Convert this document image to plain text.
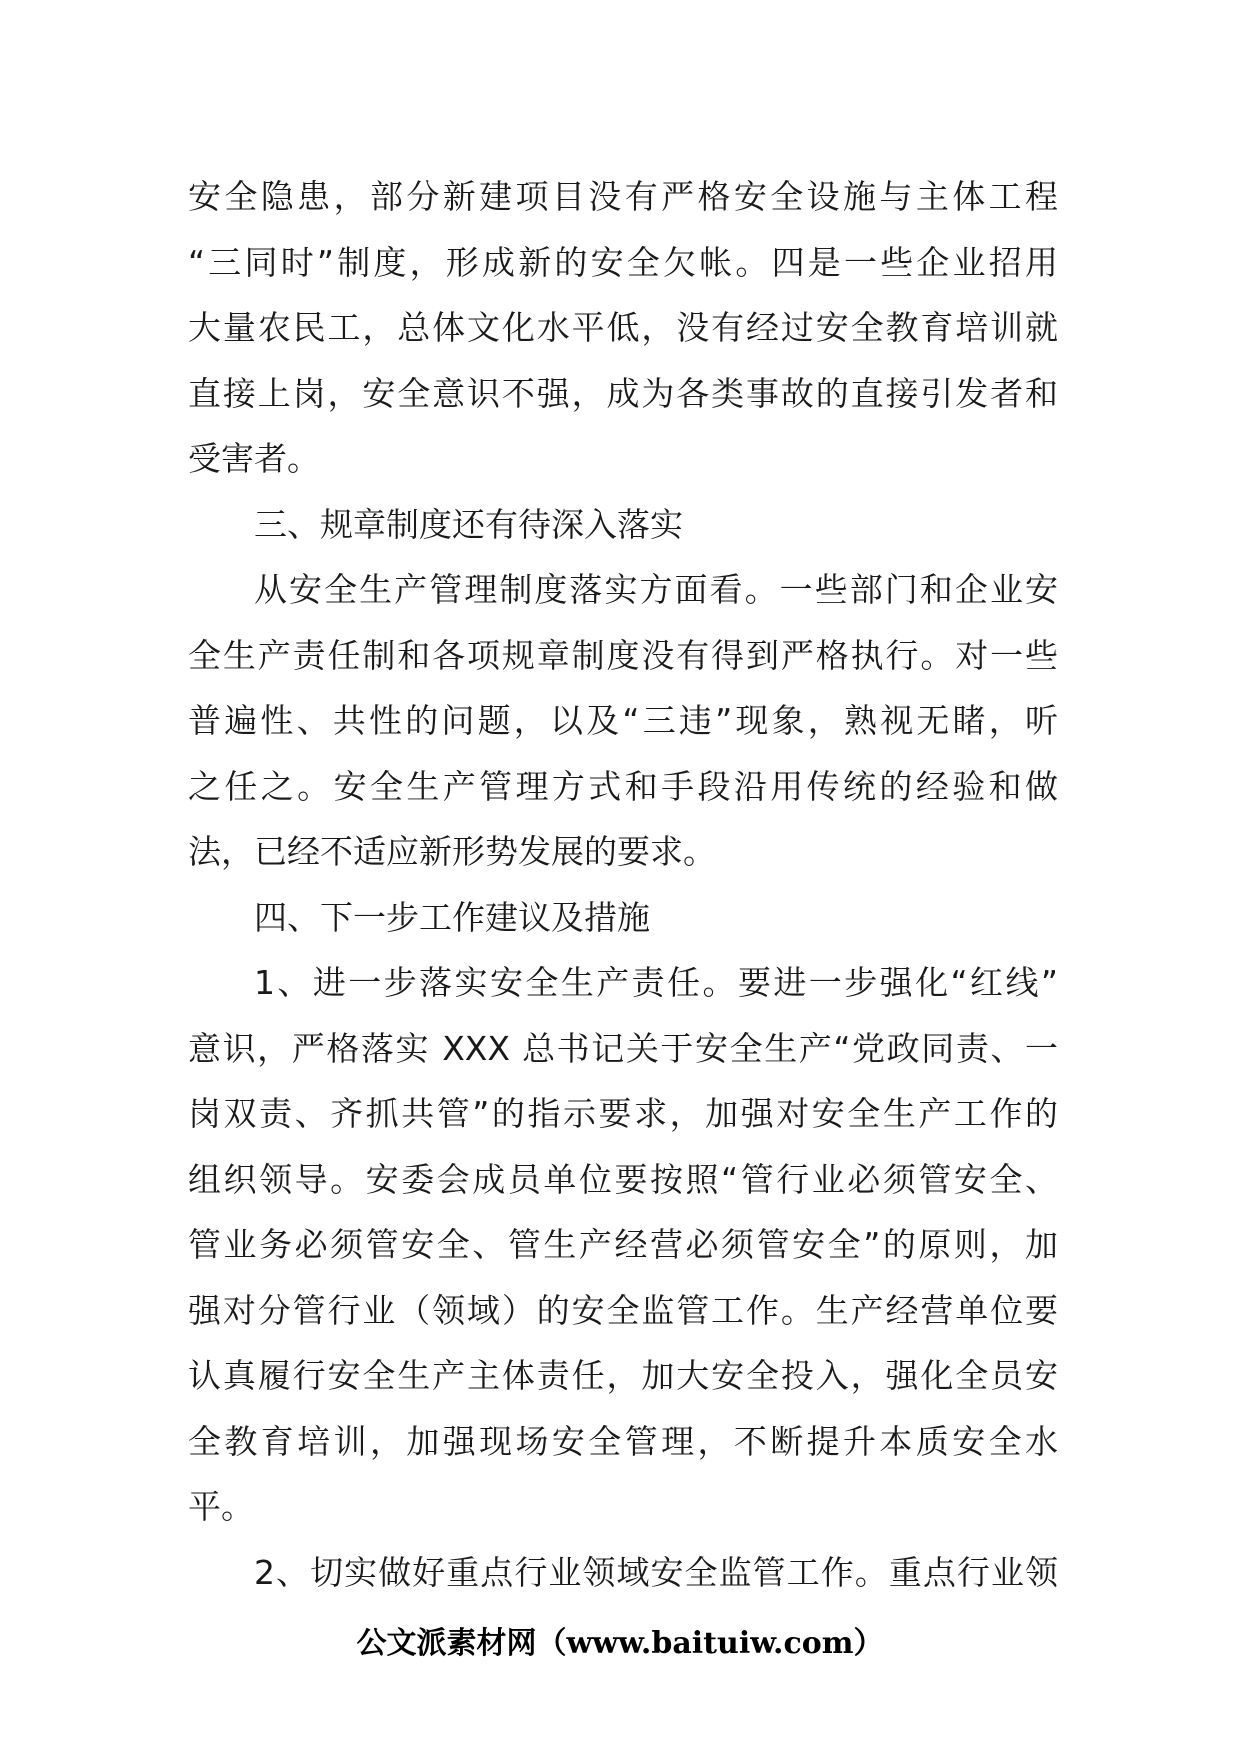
安全隐患，部分新建项目没有严格安全设施与主体工程
“三同时”制度，形成新的安全欠帐。四是一些企业招用
大量农民工，总体文化水平低，没有经过安全教育培训就
直接上岗，安全意识不强，成为各类事故的直接引发者和
受害者。
三、规章制度还有待深入落实
从安全生产管理制度落实方面看。一些部门和企业安
全生产责任制和各项规章制度没有得到严格执行。对一些
普遍性、共性的问题，以及“三违”现象，熟视无睹，听
之任之。安全生产管理方式和手段沿用传统的经验和做
法，已经不适应新形势发展的要求。
四、下一步工作建议及措施
1、进一步落实安全生产责任。要进一步强化“红线”
意识，严格落实 XXX 总书记关于安全生产“党政同责、一
岗双责、齐抓共管”的指示要求，加强对安全生产工作的
组织领导。安委会成员单位要按照“管行业必须管安全、
管业务必须管安全、管生产经营必须管安全”的原则，加
强对分管行业（领域）的安全监管工作。生产经营单位要
认真履行安全生产主体责任，加大安全投入，强化全员安
全教育培训，加强现场安全管理，不断提升本质安全水
平。
2、切实做好重点行业领域安全监管工作。重点行业领
公文派素材网（www.baituiw.com）
